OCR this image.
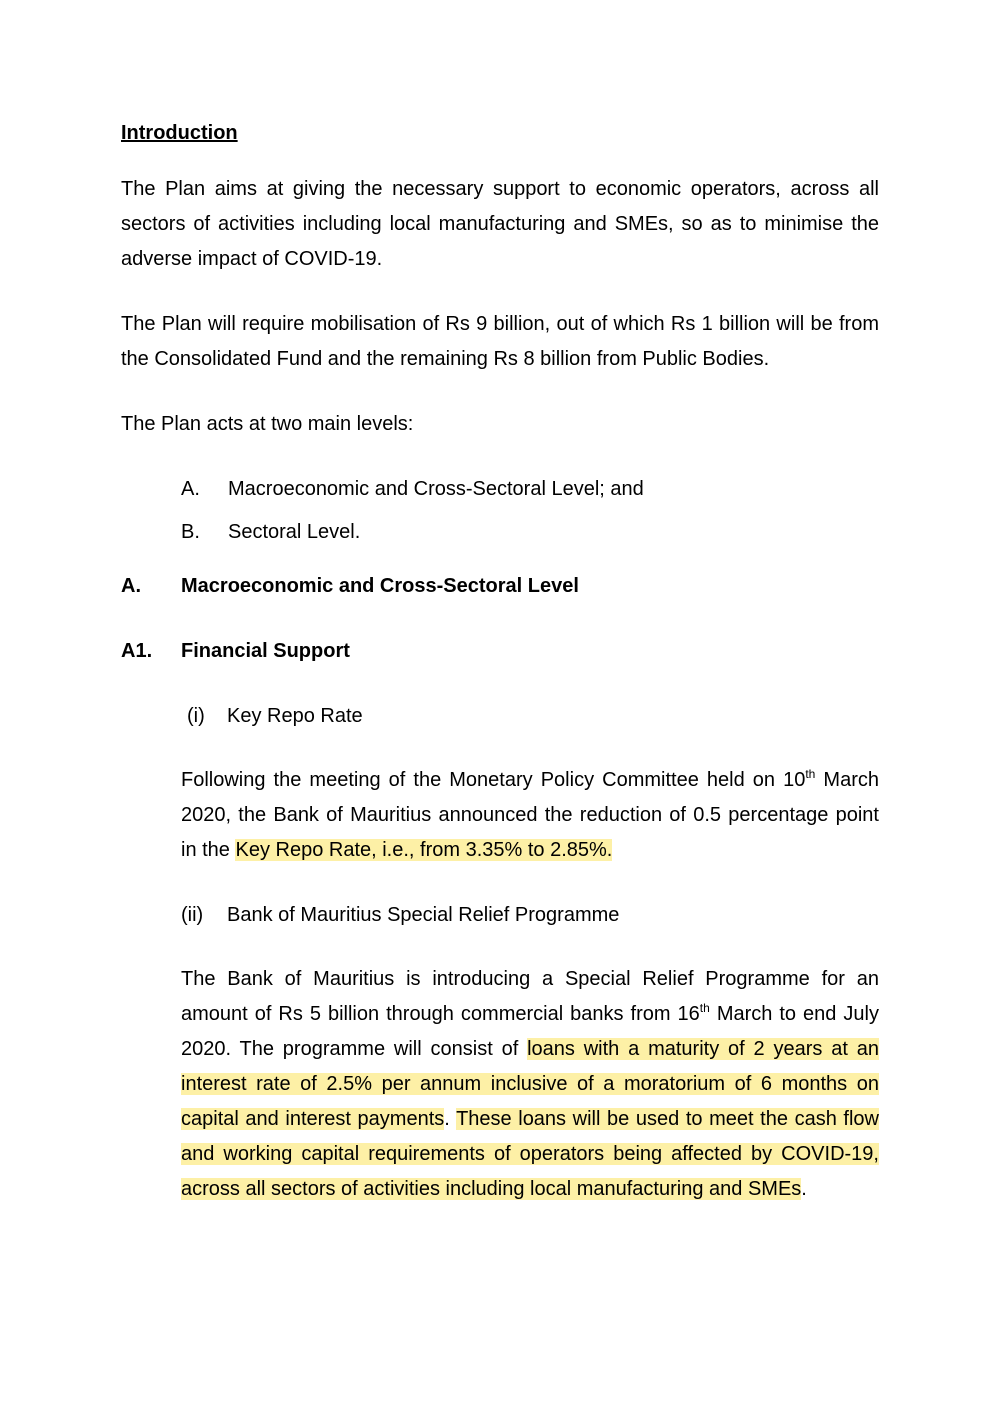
Introduction
The Plan aims at giving the necessary support to economic operators, across all sectors of activities including local manufacturing and SMEs, so as to minimise the adverse impact of COVID-19.
The Plan will require mobilisation of Rs 9 billion, out of which Rs 1 billion will be from the Consolidated Fund and the remaining Rs 8 billion from Public Bodies.
The Plan acts at two main levels:
A. Macroeconomic and Cross-Sectoral Level; and
B. Sectoral Level.
A. Macroeconomic and Cross-Sectoral Level
A1. Financial Support
(i) Key Repo Rate
Following the meeting of the Monetary Policy Committee held on 10th March 2020, the Bank of Mauritius announced the reduction of 0.5 percentage point in the Key Repo Rate, i.e., from 3.35% to 2.85%.
(ii) Bank of Mauritius Special Relief Programme
The Bank of Mauritius is introducing a Special Relief Programme for an amount of Rs 5 billion through commercial banks from 16th March to end July 2020. The programme will consist of loans with a maturity of 2 years at an interest rate of 2.5% per annum inclusive of a moratorium of 6 months on capital and interest payments. These loans will be used to meet the cash flow and working capital requirements of operators being affected by COVID-19, across all sectors of activities including local manufacturing and SMEs.
